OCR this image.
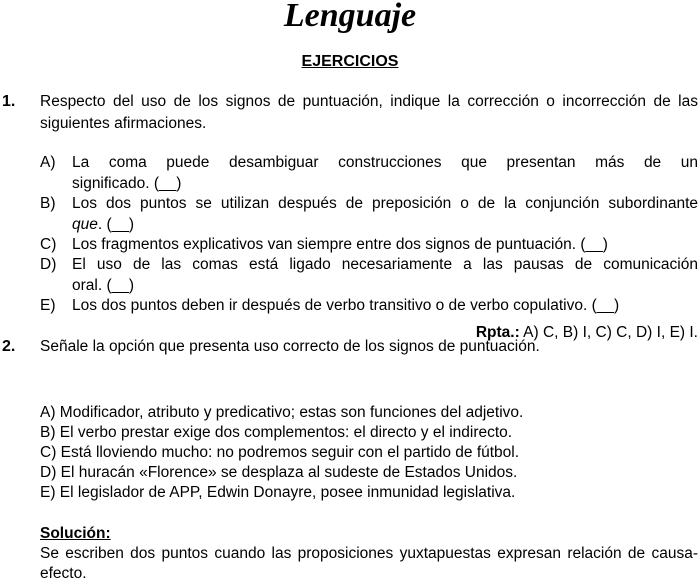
Lenguaje
EJERCICIOS
1. Respecto del uso de los signos de puntuación, indique la corrección o incorrección de las siguientes afirmaciones.
A) La coma puede desambiguar construcciones que presentan más de un
significado. (__)
B) Los dos puntos se utilizan después de preposición o de la conjunción subordinante
que. (__)
C) Los fragmentos explicativos van siempre entre dos signos de puntuación. (__)
D) El uso de las comas está ligado necesariamente a las pausas de comunicación
oral. (__)
E) Los dos puntos deben ir después de verbo transitivo o de verbo copulativo. (__)
Rpta.: A) C, B) I, C) C, D) I, E) I.
2. Señale la opción que presenta uso correcto de los signos de puntuación.
A) Modificador, atributo y predicativo; estas son funciones del adjetivo.
B) El verbo prestar exige dos complementos: el directo y el indirecto.
C) Está lloviendo mucho: no podremos seguir con el partido de fútbol.
D) El huracán «Florence» se desplaza al sudeste de Estados Unidos.
E) El legislador de APP, Edwin Donayre, posee inmunidad legislativa.
Solución:
Se escriben dos puntos cuando las proposiciones yuxtapuestas expresan relación de causa-efecto.
